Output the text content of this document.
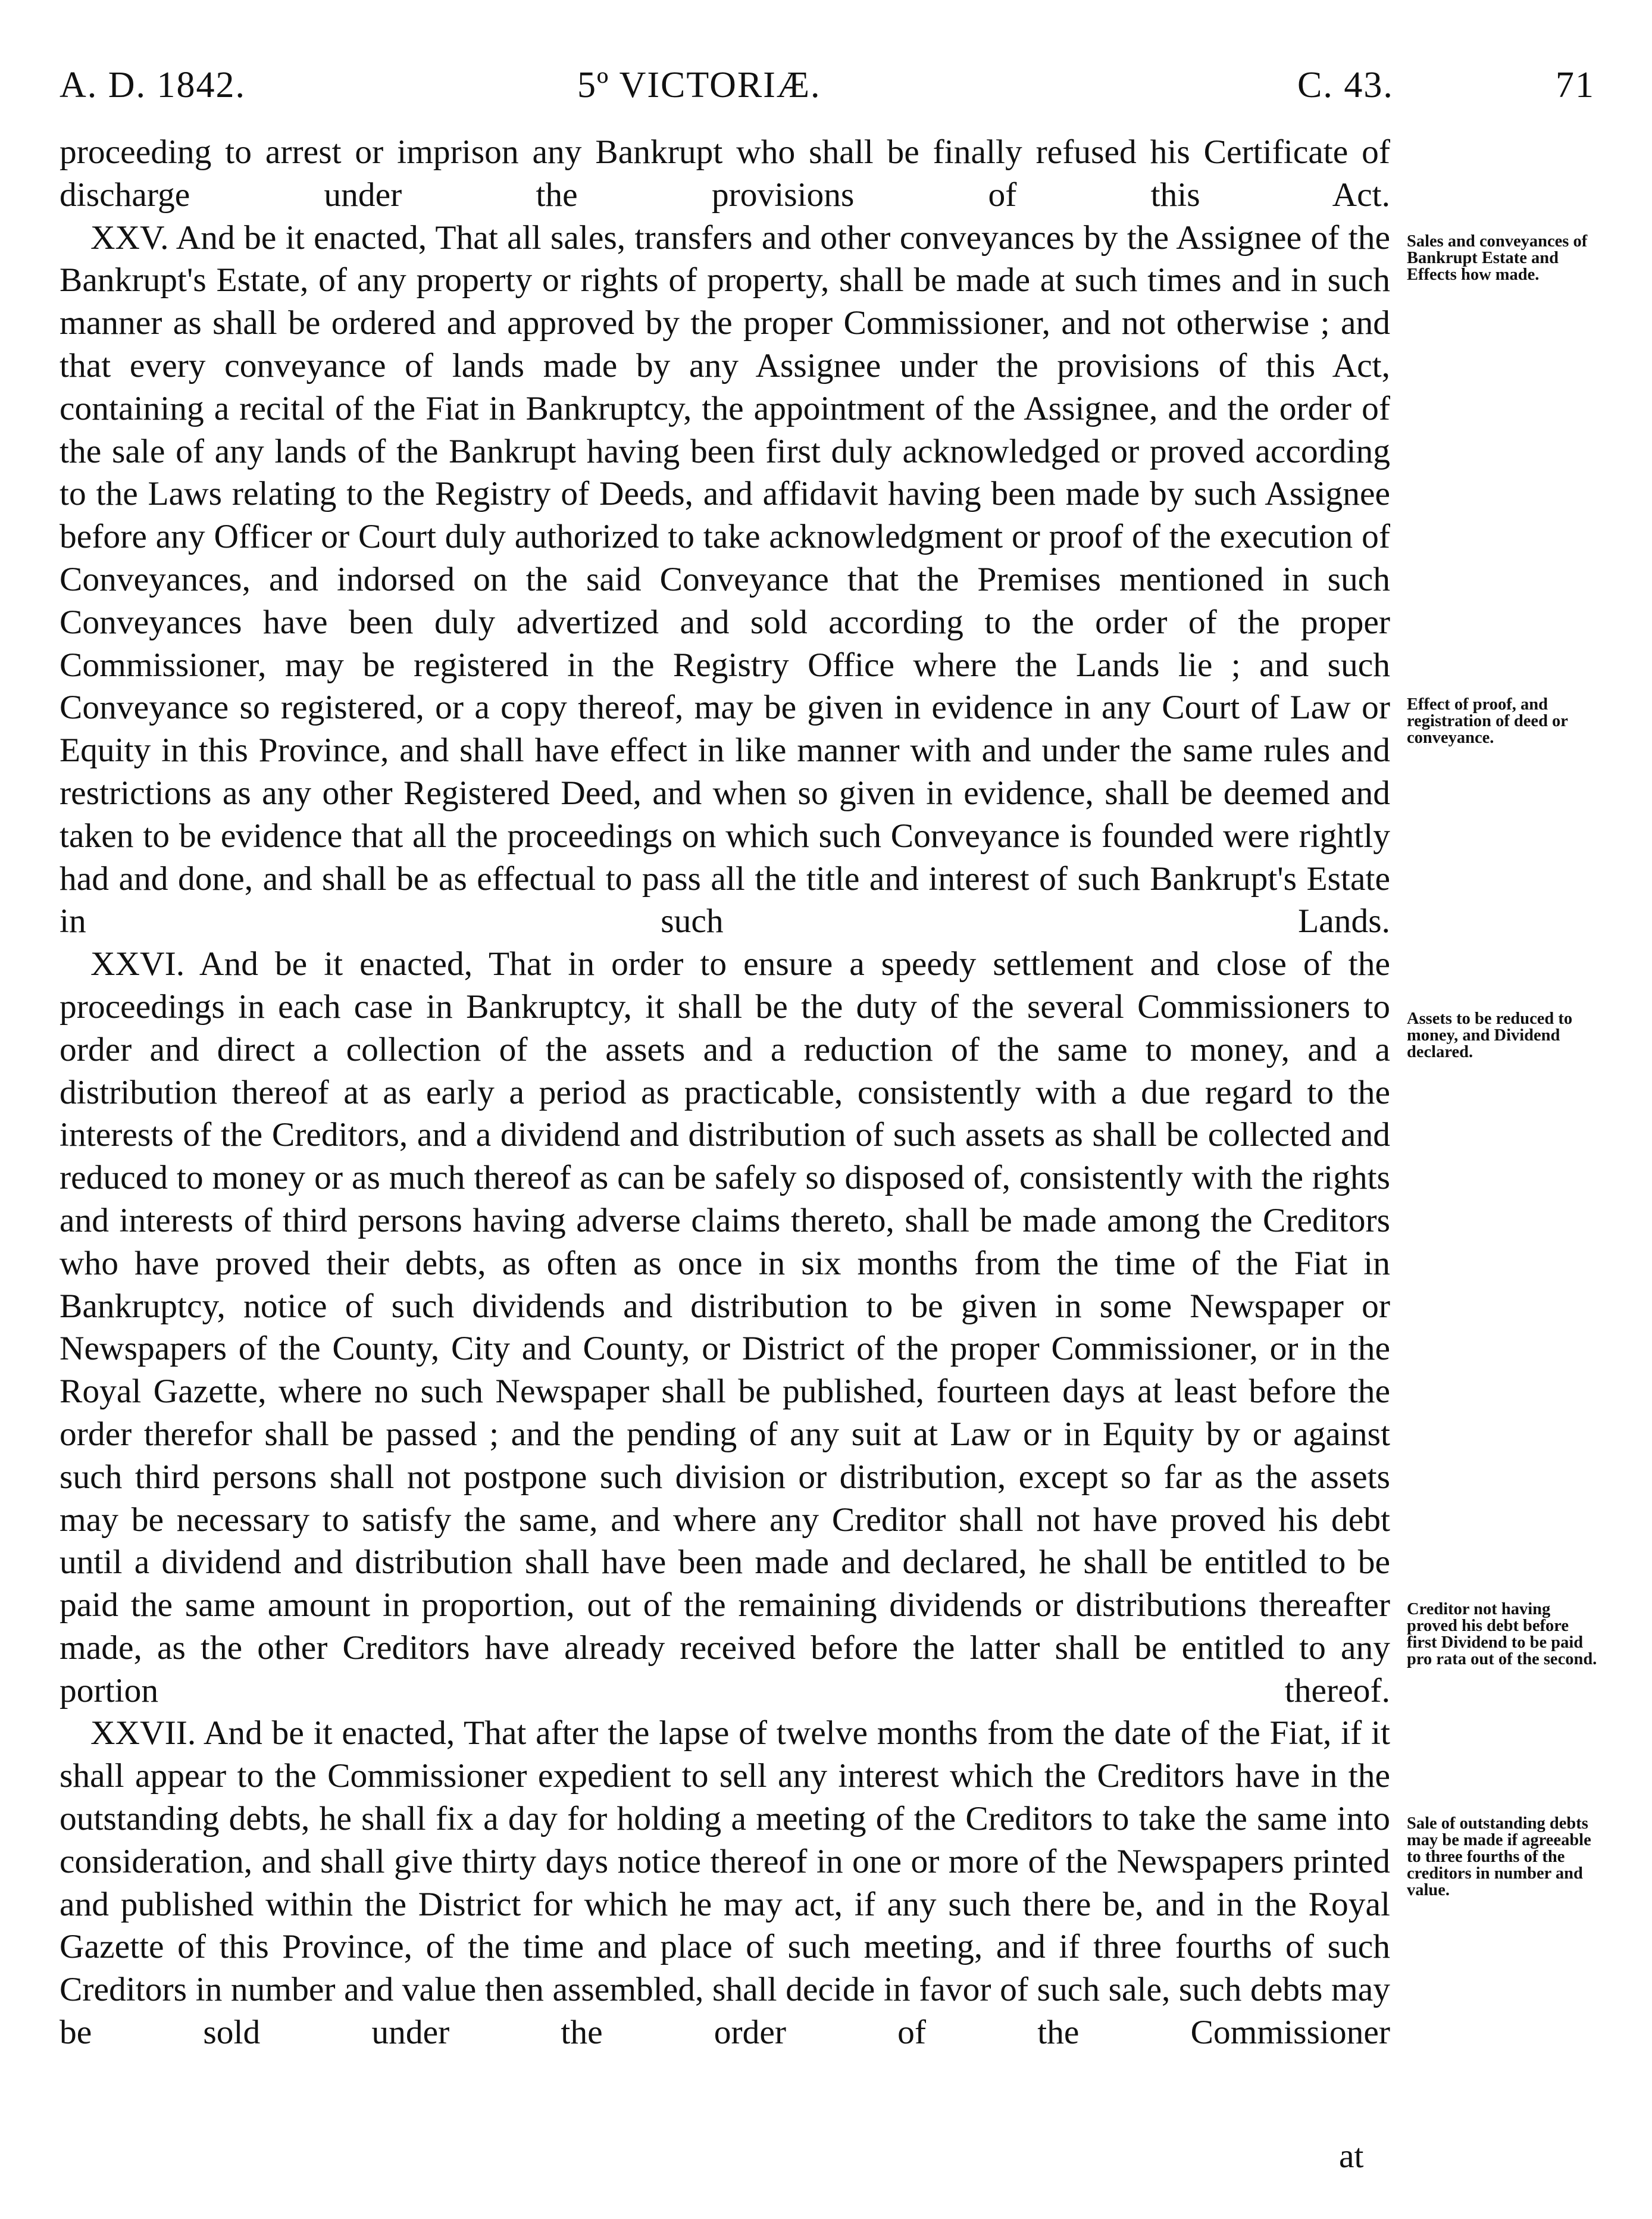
A. D. 1842.	5º VICTORIÆ.	C. 43.	71

proceeding to arrest or imprison any Bankrupt who shall be finally refused his Certificate of discharge under the provisions of this Act.

XXV. And be it enacted, That all sales, transfers and other conveyances by the Assignee of the Bankrupt's Estate, of any property or rights of property, shall be made at such times and in such manner as shall be ordered and approved by the proper Commissioner, and not otherwise ; and that every conveyance of lands made by any Assignee under the provisions of this Act, containing a recital of the Fiat in Bankruptcy, the appointment of the Assignee, and the order of the sale of any lands of the Bankrupt having been first duly acknowledged or proved according to the Laws relating to the Registry of Deeds, and affidavit having been made by such Assignee before any Officer or Court duly authorized to take acknowledgment or proof of the execution of Conveyances, and indorsed on the said Conveyance that the Premises mentioned in such Conveyances have been duly advertized and sold according to the order of the proper Commissioner, may be registered in the Registry Office where the Lands lie ; and such Conveyance so registered, or a copy thereof, may be given in evidence in any Court of Law or Equity in this Province, and shall have effect in like manner with and under the same rules and restrictions as any other Registered Deed, and when so given in evidence, shall be deemed and taken to be evidence that all the proceedings on which such Conveyance is founded were rightly had and done, and shall be as effectual to pass all the title and interest of such Bankrupt's Estate in such Lands.

XXVI. And be it enacted, That in order to ensure a speedy settlement and close of the proceedings in each case in Bankruptcy, it shall be the duty of the several Commissioners to order and direct a collection of the assets and a reduction of the same to money, and a distribution thereof at as early a period as practicable, consistently with a due regard to the interests of the Creditors, and a dividend and distribution of such assets as shall be collected and reduced to money or as much thereof as can be safely so disposed of, consistently with the rights and interests of third persons having adverse claims thereto, shall be made among the Creditors who have proved their debts, as often as once in six months from the time of the Fiat in Bankruptcy, notice of such dividends and distribution to be given in some Newspaper or Newspapers of the County, City and County, or District of the proper Commissioner, or in the Royal Gazette, where no such Newspaper shall be published, fourteen days at least before the order therefor shall be passed ; and the pending of any suit at Law or in Equity by or against such third persons shall not postpone such division or distribution, except so far as the assets may be necessary to satisfy the same, and where any Creditor shall not have proved his debt until a dividend and distribution shall have been made and declared, he shall be entitled to be paid the same amount in proportion, out of the remaining dividends or distributions thereafter made, as the other Creditors have already received before the latter shall be entitled to any portion thereof.

XXVII. And be it enacted, That after the lapse of twelve months from the date of the Fiat, if it shall appear to the Commissioner expedient to sell any interest which the Creditors have in the outstanding debts, he shall fix a day for holding a meeting of the Creditors to take the same into consideration, and shall give thirty days notice thereof in one or more of the Newspapers printed and published within the District for which he may act, if any such there be, and in the Royal Gazette of this Province, of the time and place of such meeting, and if three fourths of such Creditors in number and value then assembled, shall decide in favor of such sale, such debts may be sold under the order of the Commissioner

Sales and conveyances of Bankrupt Estate and Effects how made.
Effect of proof, and registration of deed or conveyance.
Assets to be reduced to money, and Dividend declared.
Creditor not having proved his debt before first Dividend to be paid pro rata out of the second.
Sale of outstanding debts may be made if agreeable to three fourths of the creditors in number and value.
at
